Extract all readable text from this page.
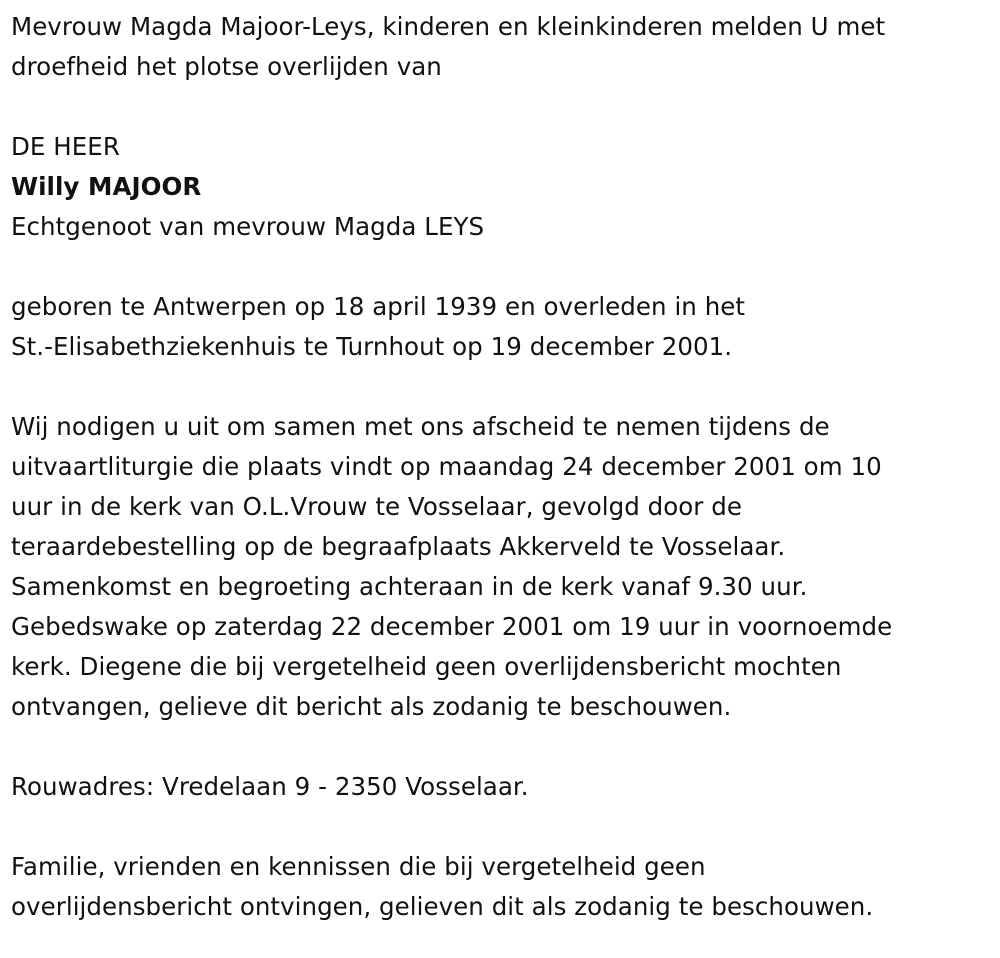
Mevrouw Magda Majoor-Leys, kinderen en kleinkinderen melden U met
droefheid het plotse overlijden van
DE HEER
Willy MAJOOR
Echtgenoot van mevrouw Magda LEYS
geboren te Antwerpen op 18 april 1939 en overleden in het
St.-Elisabethziekenhuis te Turnhout op 19 december 2001.
Wij nodigen u uit om samen met ons afscheid te nemen tijdens de
uitvaartliturgie die plaats vindt op maandag 24 december 2001 om 10
uur in de kerk van O.L.Vrouw te Vosselaar, gevolgd door de
teraardebestelling op de begraafplaats Akkerveld te Vosselaar.
Samenkomst en begroeting achteraan in de kerk vanaf 9.30 uur.
Gebedswake op zaterdag 22 december 2001 om 19 uur in voornoemde
kerk. Diegene die bij vergetelheid geen overlijdensbericht mochten
ontvangen, gelieve dit bericht als zodanig te beschouwen.
Rouwadres: Vredelaan 9 - 2350 Vosselaar.
Familie, vrienden en kennissen die bij vergetelheid geen
overlijdensbericht ontvingen, gelieven dit als zodanig te beschouwen.
